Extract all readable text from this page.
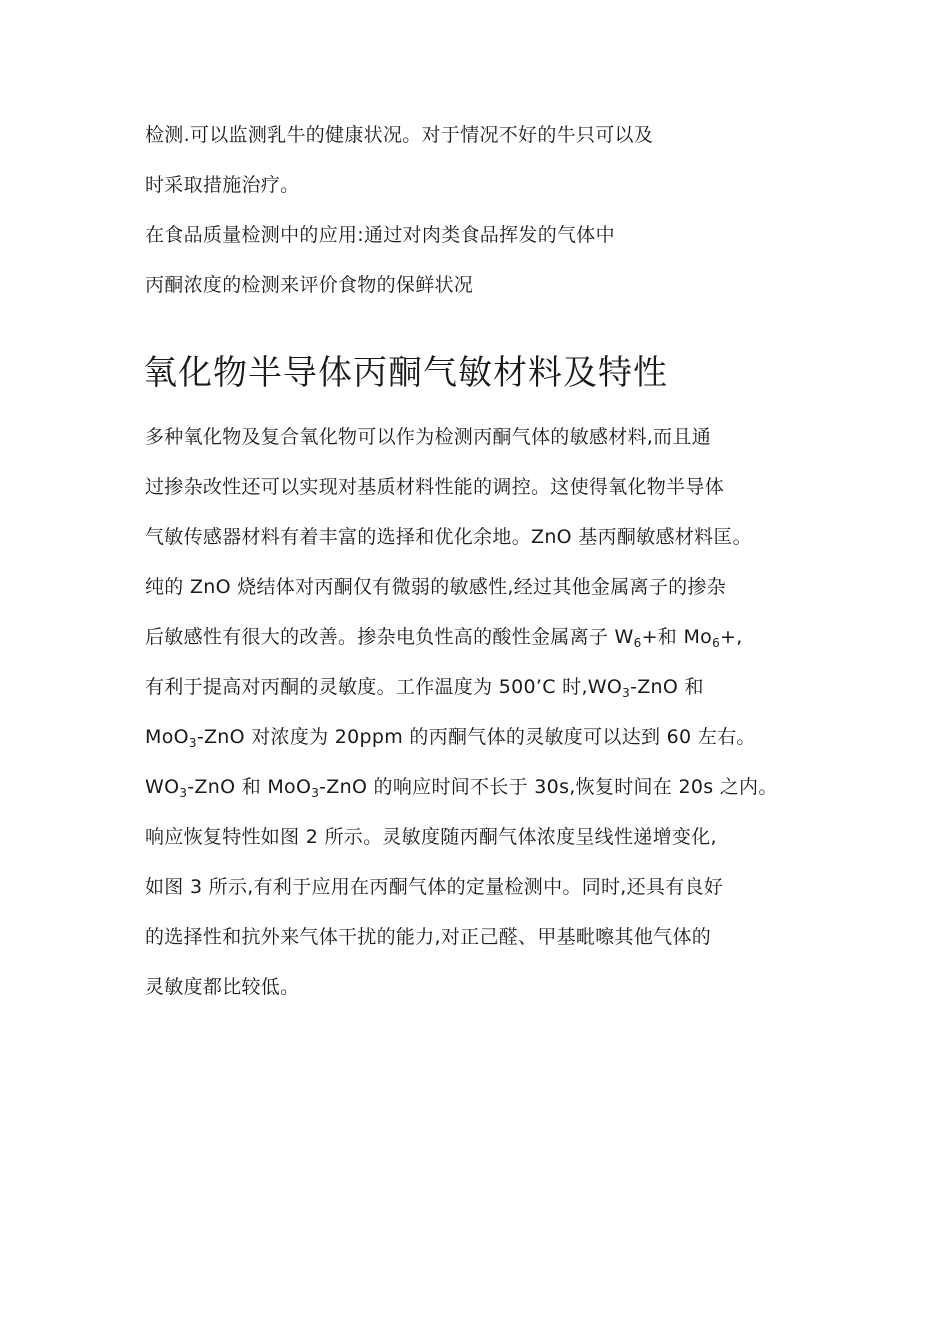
检测.可以监测乳牛的健康状况。对于情况不好的牛只可以及
时采取措施治疗。
在食品质量检测中的应用:通过对肉类食品挥发的气体中
丙酮浓度的检测来评价食物的保鲜状况
氧化物半导体丙酮气敏材料及特性
多种氧化物及复合氧化物可以作为检测丙酮气体的敏感材料,而且通
过掺杂改性还可以实现对基质材料性能的调控。这使得氧化物半导体
气敏传感器材料有着丰富的选择和优化余地。ZnO 基丙酮敏感材料匡。
纯的 ZnO 烧结体对丙酮仅有微弱的敏感性,经过其他金属离子的掺杂
后敏感性有很大的改善。掺杂电负性高的酸性金属离子 $W_6+$和 $Mo_6+$,
有利于提高对丙酮的灵敏度。工作温度为 500’C 时$,WO_3$-ZnO 和
MoO$_3$-ZnO 对浓度为 20ppm 的丙酮气体的灵敏度可以达到 60 左右。
$WO_3$-ZnO 和 MoO$_3$-ZnO 的响应时间不长于 30s,恢复时间在 20s 之内。
响应恢复特性如图 2 所示。灵敏度随丙酮气体浓度呈线性递增变化,
如图 3 所示,有利于应用在丙酮气体的定量检测中。同时,还具有良好
的选择性和抗外来气体干扰的能力,对正己醛、甲基毗嚓其他气体的
灵敏度都比较低。
